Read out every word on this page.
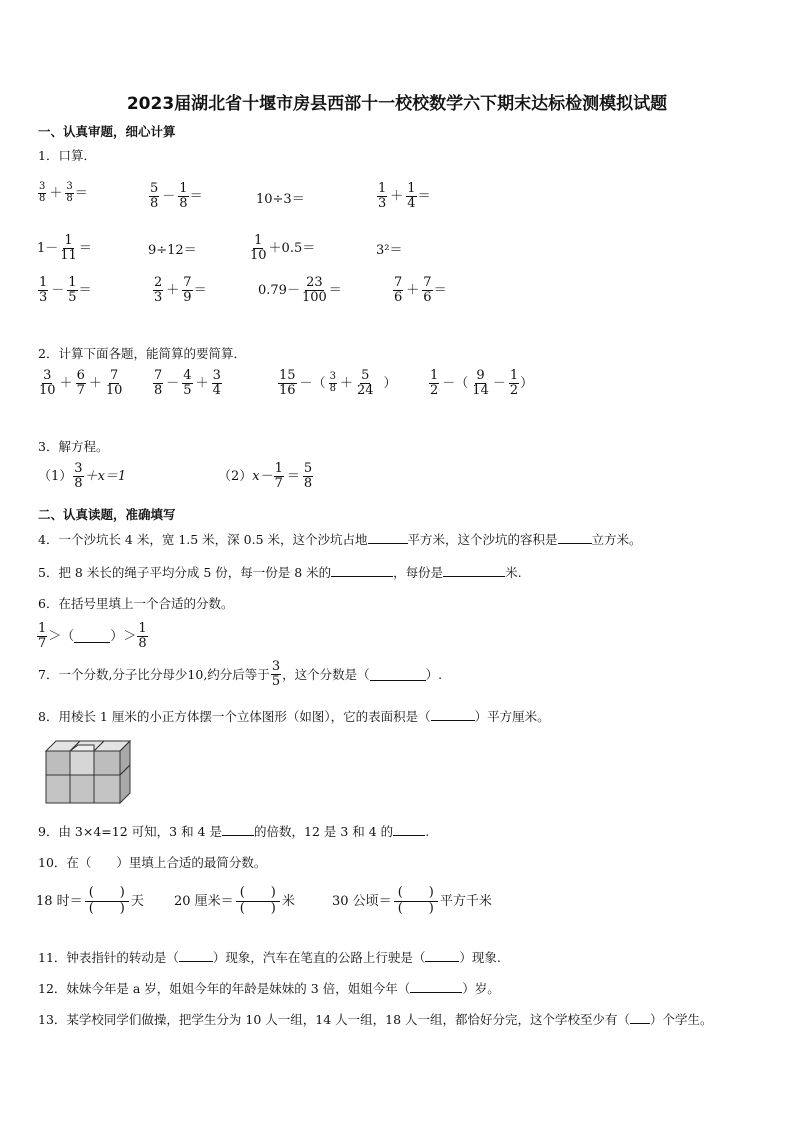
2023届湖北省十堰市房县西部十一校校数学六下期末达标检测模拟试题
一、认真审题，细心计算
1．口算．
$\frac{3}{8} + \frac{3}{8}$ ＝	$\frac{5}{8} - \frac{1}{8}$ ＝	10÷3＝	$\frac{1}{3} + \frac{1}{4}$ ＝
$1- \frac{1}{11}$ ＝	9÷12＝	$\frac{1}{10} +0.5=$	3²＝
$\frac{1}{3} - \frac{1}{5}$ ＝	$\frac{2}{3} + \frac{7}{9}$ ＝	$0.79- \frac{23}{100}$ ＝	$\frac{7}{6} + \frac{7}{6}$ ＝
2．计算下面各题，能简算的要简算．
$\frac{3}{10} + \frac{6}{7} + \frac{7}{10} \frac{7}{8} - \frac{4}{5} + \frac{3}{4}$	$\frac{15}{16}$ －（ $\frac{3}{8} + \frac{5}{24}$ ） $\frac{1}{2}$ －（ $\frac{9}{14} - \frac{1}{2}$ ）
3．解方程。
$(1) \frac{3}{8} +x=1$	（2） $x- \frac{1}{7} = \frac{5}{8}$
二、认真读题，准确填写
4．一个沙坑长 4 米，宽 1.5 米，深 0.5 米，这个沙坑占地	平方米，这个沙坑的容积是	立方米。
5．把 8 米长的绳子平均分成 5 份，每一份是 8 米的	，每份是	米.
6．在括号里填上一个合适的分数。
$\frac{1}{7}$ ＞（	）＞ $\frac{1}{8}$
7．一个分数,分子比分母少10,约分后等于 $\frac{3}{5}$ ，这个分数是（	）.
8．用棱长 1 厘米的小正方体摆一个立体图形（如图），它的表面积是（	）平方厘米。
9．由 3×4=12 可知，3 和 4 是	的倍数，12 是 3 和 4 的	.
10．在（　　）里填上合适的最简分数。
18 时＝
(　　)
(　　) 天 20 厘米＝
(　　)
(　　) 米	30 公顷＝
(　　)
(　　) 平方千米
11．钟表指针的转动是（	）现象，汽车在笔直的公路上行驶是（	）现象.
12．妹妹今年是 a 岁，姐姐今年的年龄是妹妹的 3 倍，姐姐今年（	）岁。
13．某学校同学们做操，把学生分为 10 人一组，14 人一组，18 人一组，都恰好分完，这个学校至少有（ ）个学生。
